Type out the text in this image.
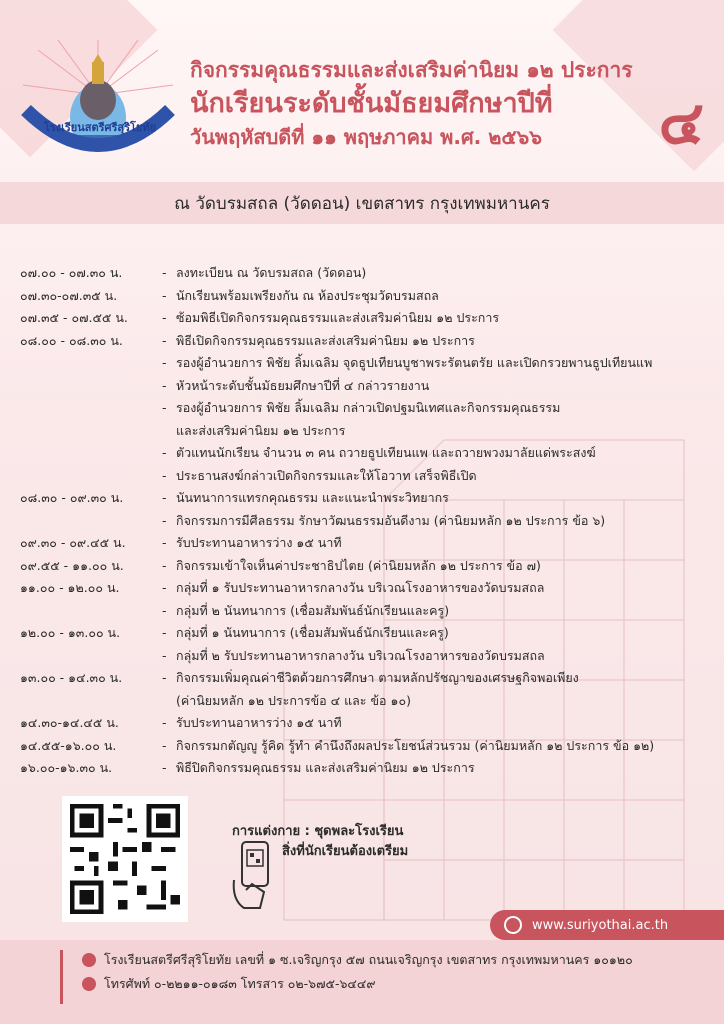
โรงเรียนสตรีศรีสุริโยทัย
กิจกรรมคุณธรรมและส่งเสริมค่านิยม ๑๒ ประการ
นักเรียนระดับชั้นมัธยมศึกษาปีที่
วันพฤหัสบดีที่ ๑๑ พฤษภาคม พ.ศ. ๒๕๖๖	๔
ณ วัดบรมสถล (วัดดอน) เขตสาทร กรุงเทพมหานคร
๐๗.๐๐ - ๐๗.๓๐ น.	- ลงทะเบียน ณ วัดบรมสถล (วัดดอน)
๐๗.๓๐-๐๗.๓๕ น.	- นักเรียนพร้อมเพรียงกัน ณ ห้องประชุมวัดบรมสถล
๐๗.๓๕ - ๐๗.๕๕ น.	- ซ้อมพิธีเปิดกิจกรรมคุณธรรมและส่งเสริมค่านิยม ๑๒ ประการ
๐๘.๐๐ - ๐๘.๓๐ น.	- พิธีเปิดกิจกรรมคุณธรรมและส่งเสริมค่านิยม ๑๒ ประการ
- รองผู้อำนวยการ พิชัย ลิ้มเฉลิม จุดธูปเทียนบูชาพระรัตนตรัย และเปิดกรวยพานธูปเทียนแพ
- หัวหน้าระดับชั้นมัธยมศึกษาปีที่ ๔ กล่าวรายงาน
- รองผู้อำนวยการ พิชัย ลิ้มเฉลิม กล่าวเปิดปฐมนิเทศและกิจกรรมคุณธรรม
และส่งเสริมค่านิยม ๑๒ ประการ
- ตัวแทนนักเรียน จำนวน ๓ คน ถวายธูปเทียนแพ และถวายพวงมาลัยแด่พระสงฆ์
- ประธานสงฆ์กล่าวเปิดกิจกรรมและให้โอวาท เสร็จพิธีเปิด
๐๘.๓๐ - ๐๙.๓๐ น.	- นันทนาการแทรกคุณธรรม และแนะนำพระวิทยากร
- กิจกรรมการมีศีลธรรม รักษาวัฒนธรรมอันดีงาม (ค่านิยมหลัก ๑๒ ประการ ข้อ ๖)
๐๙.๓๐ - ๐๙.๔๕ น.	- รับประทานอาหารว่าง ๑๕ นาที
๐๙.๕๕ - ๑๑.๐๐ น.	- กิจกรรมเข้าใจเห็นค่าประชาธิปไตย (ค่านิยมหลัก ๑๒ ประการ ข้อ ๗)
๑๑.๐๐ - ๑๒.๐๐ น.	- กลุ่มที่ ๑ รับประทานอาหารกลางวัน บริเวณโรงอาหารของวัดบรมสถล
- กลุ่มที่ ๒ นันทนาการ (เชื่อมสัมพันธ์นักเรียนและครู)
๑๒.๐๐ - ๑๓.๐๐ น.	- กลุ่มที่ ๑ นันทนาการ (เชื่อมสัมพันธ์นักเรียนและครู)
- กลุ่มที่ ๒ รับประทานอาหารกลางวัน บริเวณโรงอาหารของวัดบรมสถล
๑๓.๐๐ - ๑๔.๓๐ น.	- กิจกรรมเพิ่มคุณค่าชีวิตด้วยการศึกษา ตามหลักปรัชญาของเศรษฐกิจพอเพียง
(ค่านิยมหลัก ๑๒ ประการข้อ ๔ และ ข้อ ๑๐)
๑๔.๓๐-๑๔.๔๕ น.	- รับประทานอาหารว่าง ๑๕ นาที
๑๔.๕๕-๑๖.๐๐ น.	- กิจกรรมกตัญญู รู้คิด รู้ทำ คำนึงถึงผลประโยชน์ส่วนรวม (ค่านิยมหลัก ๑๒ ประการ ข้อ ๑๒)
๑๖.๐๐-๑๖.๓๐ น.	- พิธีปิดกิจกรรมคุณธรรม และส่งเสริมค่านิยม ๑๒ ประการ
การแต่งกาย : ชุดพละโรงเรียน
สิ่งที่นักเรียนต้องเตรียม
www.suriyothai.ac.th
โรงเรียนสตรีศรีสุริโยทัย เลขที่ ๑ ซ.เจริญกรุง ๕๗ ถนนเจริญกรุง เขตสาทร กรุงเทพมหานคร ๑๐๑๒๐
โทรศัพท์ ๐-๒๒๑๑-๐๑๘๓ โทรสาร ๐๒-๖๗๕-๖๔๔๙
